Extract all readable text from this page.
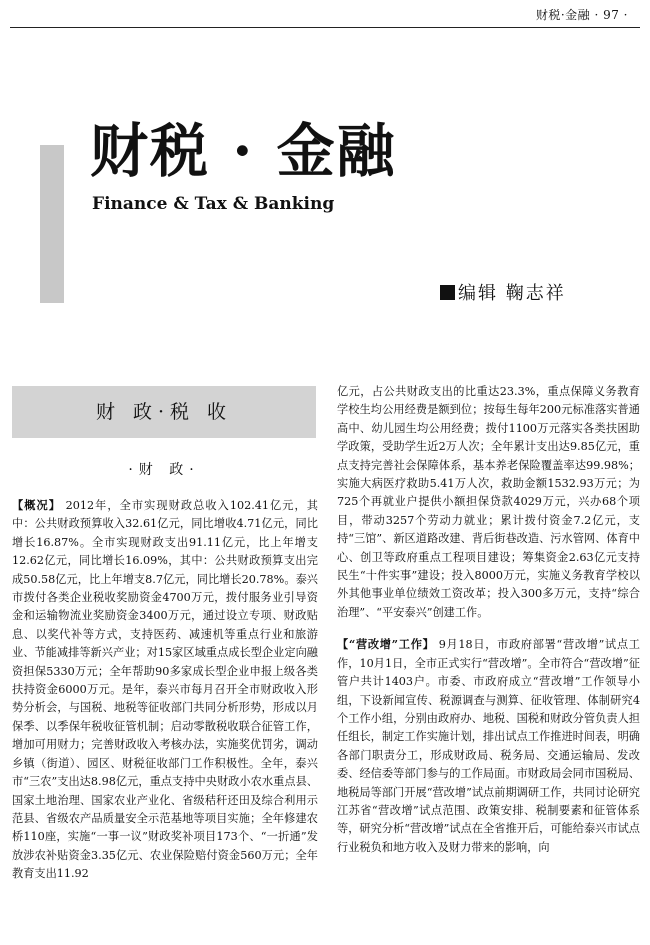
财税·金融 · 97 ·
财税 · 金融
Finance & Tax & Banking
编辑 鞠志祥
财 政·税 收
·财 政·

【概况】 2012年，全市实现财政总收入102.41亿元，其中：公共财政预算收入32.61亿元，同比增收4.71亿元，同比增长16.87%。全市实现财政支出91.11亿元，比上年增支12.62亿元，同比增长16.09%，其中：公共财政预算支出完成50.58亿元，比上年增支8.7亿元，同比增长20.78%。泰兴市拨付各类企业税收奖励资金4700万元，拨付服务业引导资金和运输物流业奖励资金3400万元，通过设立专项、财政贴息、以奖代补等方式，支持医药、减速机等重点行业和旅游业、节能减排等新兴产业；对15家区域重点成长型企业定向融资担保5330万元；全年帮助90多家成长型企业申报上级各类扶持资金6000万元。是年，泰兴市每月召开全市财政收入形势分析会，与国税、地税等征收部门共同分析形势，形成以月保季、以季保年税收征管机制；启动零散税收联合征管工作，增加可用财力；完善财政收入考核办法，实施奖优罚劣，调动乡镇（街道）、园区、财税征收部门工作积极性。全年，泰兴市“三农”支出达8.98亿元，重点支持中央财政小农水重点县、国家土地治理、国家农业产业化、省级秸秆还田及综合利用示范县、省级农产品质量安全示范基地等项目实施；全年修建农桥110座，实施“一事一议”财政奖补项目173个、“一折通”发放涉农补贴资金3.35亿元、农业保险赔付资金560万元；全年教育支出11.92

亿元，占公共财政支出的比重达23.3%，重点保障义务教育学校生均公用经费是额到位；按每生每年200元标准落实普通高中、幼儿园生均公用经费；拨付1100万元落实各类扶困助学政策，受助学生近2万人次；全年累计支出达9.85亿元，重点支持完善社会保障体系，基本养老保险覆盖率达99.98%；实施大病医疗救助5.41万人次，救助金额1532.93万元；为725个再就业户提供小额担保贷款4029万元，兴办68个项目，带动3257个劳动力就业；累计拨付资金7.2亿元，支持“三馆”、新区道路改建、背后街巷改造、污水管网、体育中心、创卫等政府重点工程项目建设；筹集资金2.63亿元支持民生“十件实事”建设；投入8000万元，实施义务教育学校以外其他事业单位绩效工资改革；投入300多万元，支持“综合治理”、“平安泰兴”创建工作。

【“营改增”工作】 9月18日，市政府部署“营改增”试点工作，10月1日，全市正式实行“营改增”。全市符合“营改增”征管户共计1403户。市委、市政府成立“营改增”工作领导小组，下设新闻宣传、税源调查与测算、征收管理、体制研究4个工作小组，分别由政府办、地税、国税和财政分管负责人担任组长，制定工作实施计划，排出试点工作推进时间表，明确各部门职责分工，形成财政局、税务局、交通运输局、发改委、经信委等部门参与的工作局面。市财政局会同市国税局、地税局等部门开展“营改增”试点前期调研工作，共同讨论研究江苏省“营改增”试点范围、政策安排、税制要素和征管体系等，研究分析“营改增”试点在全省推开后，可能给泰兴市试点行业税负和地方收入及财力带来的影响，向
